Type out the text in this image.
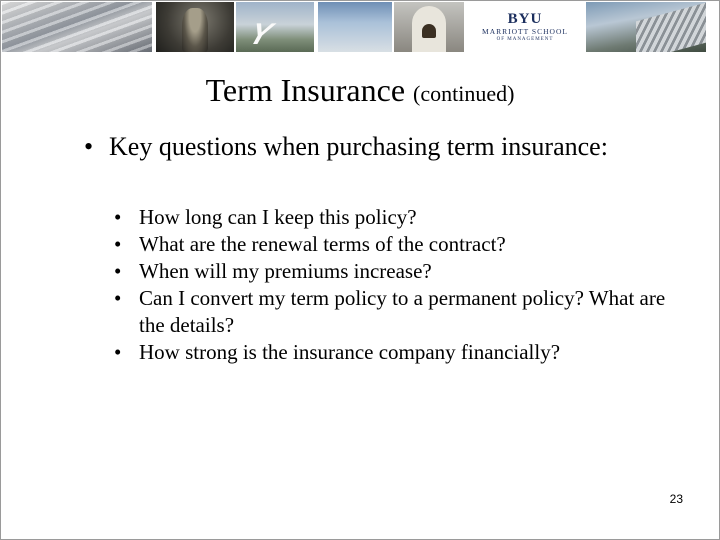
Y	BYU
MARRIOTT SCHOOL
OF MANAGEMENT
Term Insurance (continued)
• Key questions when purchasing term insurance:
• How long can I keep this policy?
• What are the renewal terms of the contract?
• When will my premiums increase?
• Can I convert my term policy to a permanent policy? What are the details?
• How strong is the insurance company financially?
23
